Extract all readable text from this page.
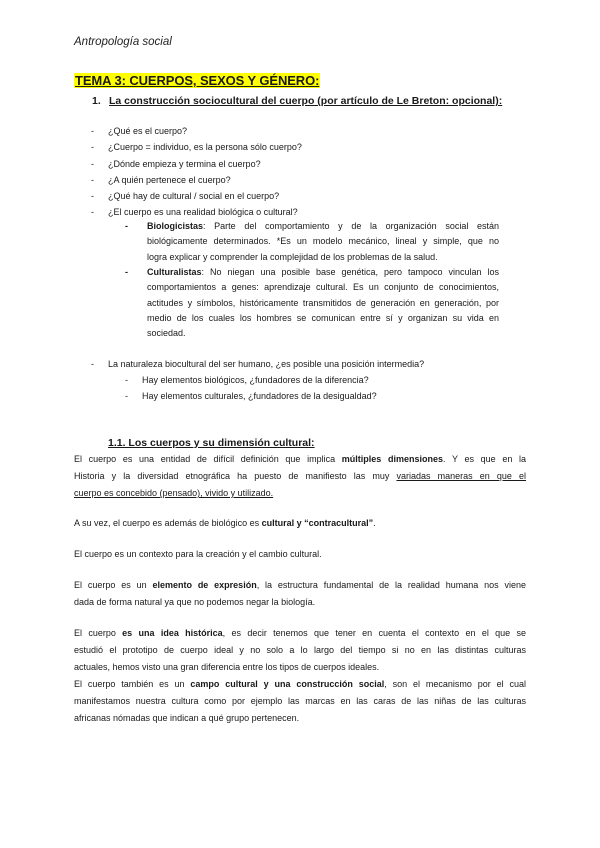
Antropología social
TEMA 3: CUERPOS, SEXOS Y GÉNERO:
1. La construcción sociocultural del cuerpo (por artículo de Le Breton: opcional):
-	¿Qué es el cuerpo?
-	¿Cuerpo = individuo, es la persona sólo cuerpo?
-	¿Dónde empieza y termina el cuerpo?
-	¿A quién pertenece el cuerpo?
-	¿Qué hay de cultural / social en el cuerpo?
-	¿El cuerpo es una realidad biológica o cultural?
- Biologicistas: Parte del comportamiento y de la organización social están
biológicamente determinados. *Es un modelo mecánico, lineal y simple, que no
logra explicar y comprender la complejidad de los problemas de la salud.
- Culturalistas: No niegan una posible base genética, pero tampoco vinculan los
comportamientos a genes: aprendizaje cultural. Es un conjunto de conocimientos,
actitudes y símbolos, históricamente transmitidos de generación en generación, por
medio de los cuales los hombres se comunican entre sí y organizan su vida en
sociedad.
- La naturaleza biocultural del ser humano, ¿es posible una posición intermedia?
- Hay elementos biológicos, ¿fundadores de la diferencia?
- Hay elementos culturales, ¿fundadores de la desigualdad?
1.1. Los cuerpos y su dimensión cultural:
El cuerpo es una entidad de difícil definición que implica múltiples dimensiones. Y es que en la
Historia y la diversidad etnográfica ha puesto de manifiesto las muy variadas maneras en que el
cuerpo es concebido (pensado), vivido y utilizado.
A su vez, el cuerpo es además de biológico es cultural y “contracultural”.
El cuerpo es un contexto para la creación y el cambio cultural.
El cuerpo es un elemento de expresión, la estructura fundamental de la realidad humana nos viene
dada de forma natural ya que no podemos negar la biología.
El cuerpo es una idea histórica, es decir tenemos que tener en cuenta el contexto en el que se
estudió el prototipo de cuerpo ideal y no solo a lo largo del tiempo si no en las distintas culturas
actuales, hemos visto una gran diferencia entre los tipos de cuerpos ideales.
El cuerpo también es un campo cultural y una construcción social, son el mecanismo por el cual
manifestamos nuestra cultura como por ejemplo las marcas en las caras de las niñas de las culturas
africanas nómadas que indican a qué grupo pertenecen.
